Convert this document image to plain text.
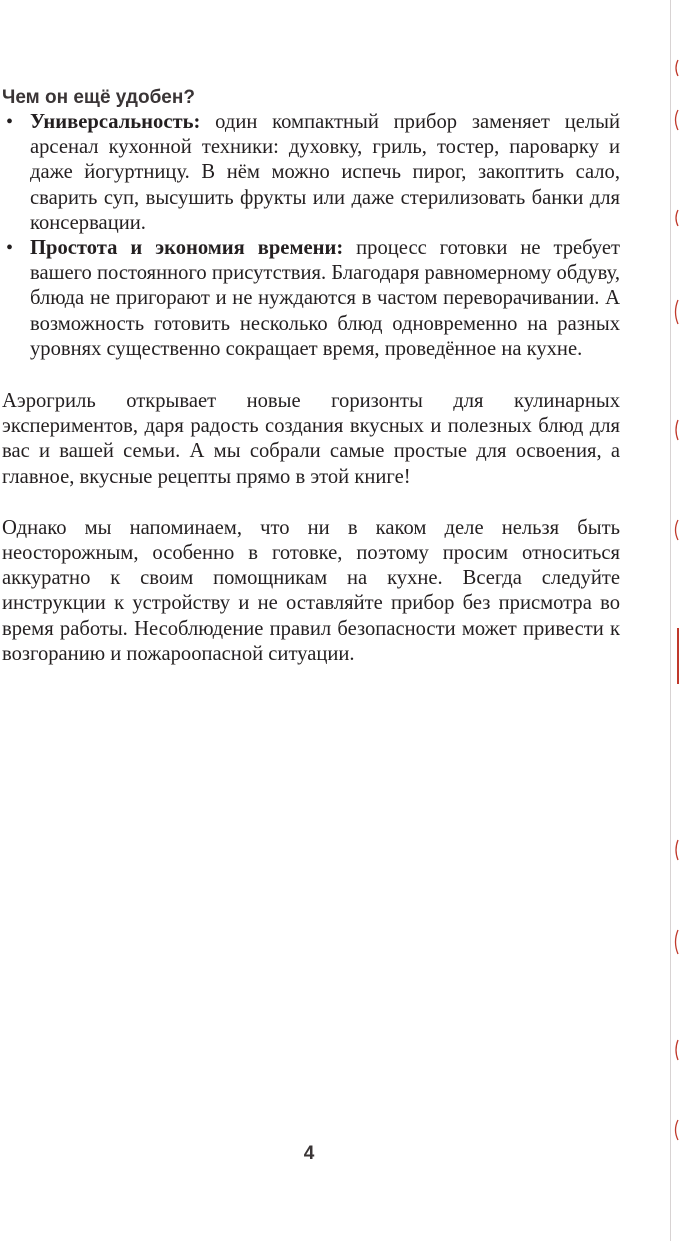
Чем он ещё удобен?
• Универсальность: один компактный прибор заменяет целый арсенал кухонной техники: духовку, гриль, тостер, пароварку и даже йогуртницу. В нём можно испечь пирог, закоптить сало, сварить суп, высушить фрукты или даже стерилизовать банки для консервации.
• Простота и экономия времени: процесс готовки не требует вашего постоянного присутствия. Благодаря равномерному обдуву, блюда не пригорают и не нуждаются в частом переворачивании. А возможность готовить несколько блюд одновременно на разных уровнях существенно сокращает время, проведённое на кухне.

Аэрогриль открывает новые горизонты для кулинарных экспериментов, даря радость создания вкусных и полезных блюд для вас и вашей семьи. А мы собрали самые простые для освоения, а главное, вкусные рецепты прямо в этой книге!

Однако мы напоминаем, что ни в каком деле нельзя быть неосторожным, особенно в готовке, поэтому просим относиться аккуратно к своим помощникам на кухне. Всегда следуйте инструкции к устройству и не оставляйте прибор без присмотра во время работы. Несоблюдение правил безопасности может привести к возгоранию и пожароопасной ситуации.

4
